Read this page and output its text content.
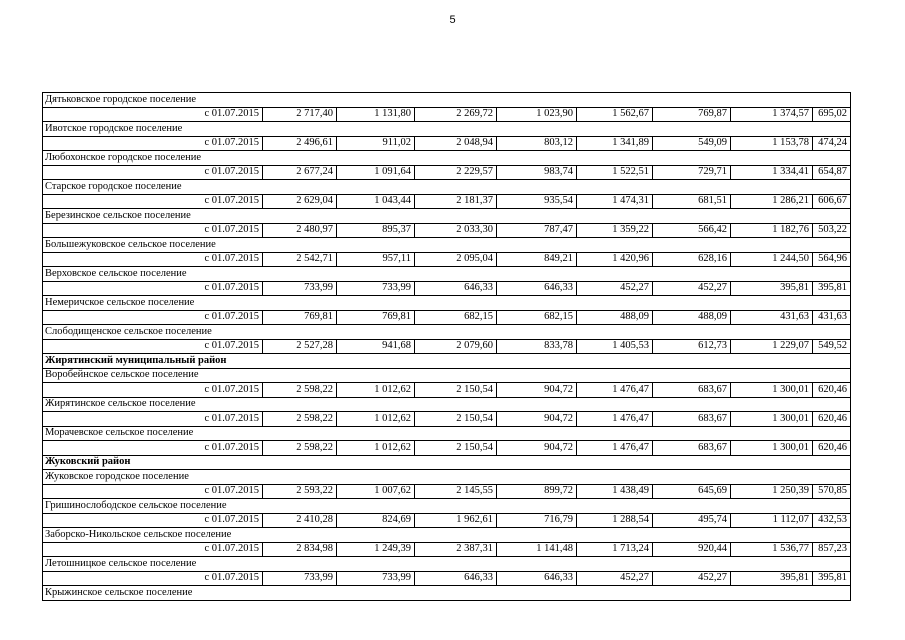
5
Дятьковское городское поселение								
с 01.07.2015	2 717,40	1 131,80	2 269,72	1 023,90	1 562,67	769,87	1 374,57	695,02
Ивотское городское поселение								
с 01.07.2015	2 496,61	911,02	2 048,94	803,12	1 341,89	549,09	1 153,78	474,24
Любохонское городское поселение								
с 01.07.2015	2 677,24	1 091,64	2 229,57	983,74	1 522,51	729,71	1 334,41	654,87
Старское городское поселение								
с 01.07.2015	2 629,04	1 043,44	2 181,37	935,54	1 474,31	681,51	1 286,21	606,67
Березинское сельское поселение								
с 01.07.2015	2 480,97	895,37	2 033,30	787,47	1 359,22	566,42	1 182,76	503,22
Большежуковское сельское поселение								
с 01.07.2015	2 542,71	957,11	2 095,04	849,21	1 420,96	628,16	1 244,50	564,96
Верховское сельское поселение								
с 01.07.2015	733,99	733,99	646,33	646,33	452,27	452,27	395,81	395,81
Немеричское сельское поселение								
с 01.07.2015	769,81	769,81	682,15	682,15	488,09	488,09	431,63	431,63
Слободищенское сельское поселение								
с 01.07.2015	2 527,28	941,68	2 079,60	833,78	1 405,53	612,73	1 229,07	549,52
Жирятинский муниципальный район								
Воробейнское сельское поселение								
с 01.07.2015	2 598,22	1 012,62	2 150,54	904,72	1 476,47	683,67	1 300,01	620,46
Жирятинское сельское поселение								
с 01.07.2015	2 598,22	1 012,62	2 150,54	904,72	1 476,47	683,67	1 300,01	620,46
Морачевское сельское поселение								
с 01.07.2015	2 598,22	1 012,62	2 150,54	904,72	1 476,47	683,67	1 300,01	620,46
Жуковский район								
Жуковское городское поселение								
с 01.07.2015	2 593,22	1 007,62	2 145,55	899,72	1 438,49	645,69	1 250,39	570,85
Гришинослободское сельское поселение								
с 01.07.2015	2 410,28	824,69	1 962,61	716,79	1 288,54	495,74	1 112,07	432,53
Заборско-Никольское сельское поселение								
с 01.07.2015	2 834,98	1 249,39	2 387,31	1 141,48	1 713,24	920,44	1 536,77	857,23
Летошницкое сельское поселение								
с 01.07.2015	733,99	733,99	646,33	646,33	452,27	452,27	395,81	395,81
Крыжинское сельское поселение								
